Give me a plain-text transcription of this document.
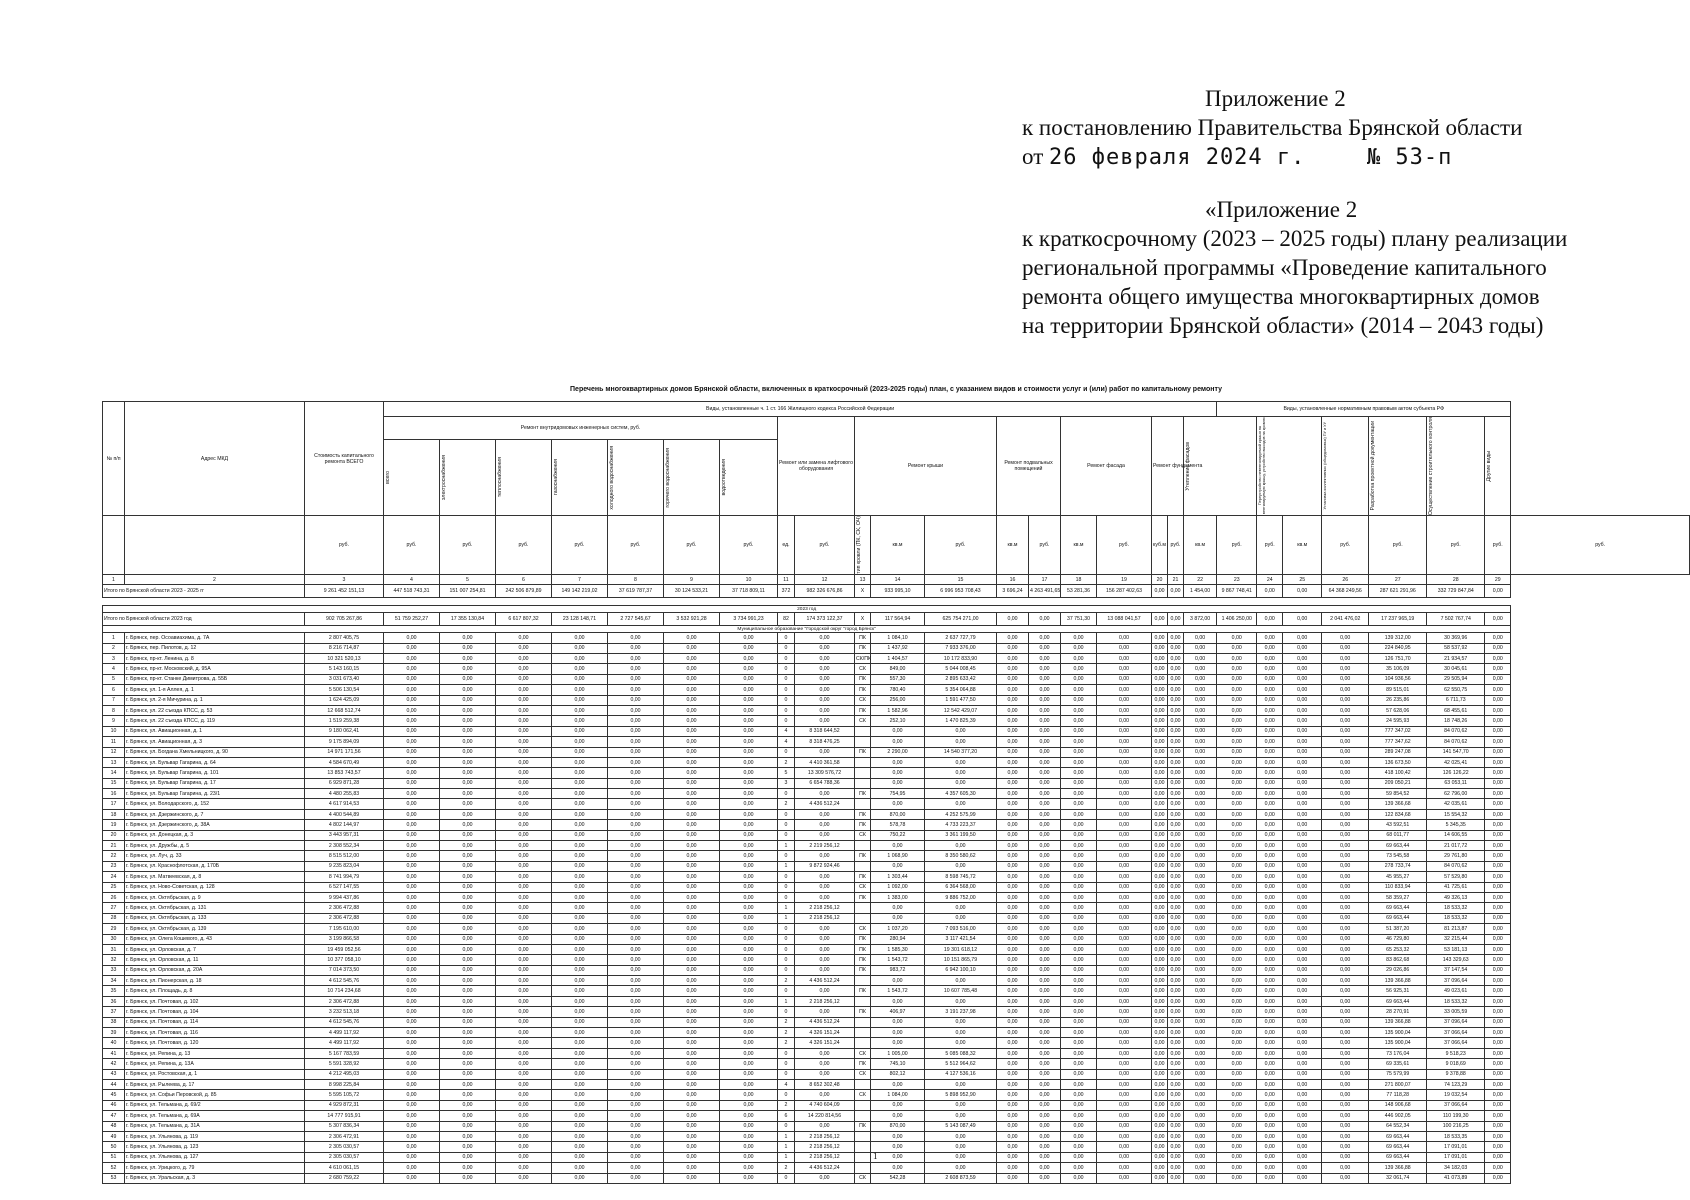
Приложение 2
к постановлению Правительства Брянской области
от 26 февраля 2024 г.	№ 53-п
«Приложение 2
к краткосрочному (2023 – 2025 годы) плану реализации
региональной программы «Проведение капитального
ремонта общего имущества многоквартирных домов
на территории Брянской области» (2014 – 2043 годы)
Перечень многоквартирных домов Брянской области, включенных в краткосрочный (2023-2025 годы) план, с указанием видов и стоимости услуг и (или) работ по капитальному ремонту
№ п/п	Адрес МКД	Стоимость капитального ремонта ВСЕГО	Виды, установленные ч. 1 ст. 166 Жилищного кодекса Российской Федерации																			Виды, установленные нормативным правовым актом субъекта РФ							
			Ремонт внутридомовых инженерных систем, руб.							Ремонт или замена лифтового оборудования		Ремонт крыши			Ремонт подвальных помещений		Ремонт фасада		Ремонт фундамента		Утепление фасадов		Переустройство невентилируемой крыши на вентилируемую крышу, устройство выходов на кровлю		Установка коллективных (общедомовых) ПУ и УУ	Разработка проектной документации	Осуществление строительного контроля	Другие виды	

			всего	электроснабжения	теплоснабжения	газоснабжения	холодного водоснабжения	горячего водоснабжения	водоотведения																				

		руб.	руб.	руб.	руб.	руб.	руб.	руб.	руб.	ед.	руб.	тип кровли (ПК, СК, ОЧ)	кв.м	руб.	кв.м	руб.	кв.м	руб.	куб.м	руб.	кв.м	руб.	руб.	кв.м	руб.	руб.	руб.	руб.	руб.
1	2	3	4	5	6	7	8	9	10	11	12	13	14	15	16	17	18	19	20	21	22	23	24	25	26	27	28	29	
Итого по Брянской области 2023 - 2025 гг		9 261 452 151,13	447 518 743,31	151 007 254,81	242 506 879,89	149 142 219,02	37 619 787,37	30 124 533,21	37 718 809,11	372	982 326 676,86	X	933 995,10	6 996 953 708,43	3 696,24	4 263 491,65	53 281,36	156 287 402,63	0,00	0,00	1 454,00	9 867 748,41	0,00	0,00	64 368 249,56	287 621 291,96	332 729 847,84	0,00	

2023 год																													
Итого по Брянской области 2023 год		902 705 267,86	51 759 252,27	17 355 130,84	6 617 807,32	23 128 148,71	2 727 545,67	3 532 921,28	3 734 991,23	82	174 373 122,37	X	117 564,94	625 754 271,00	0,00	0,00	37 751,30	13 088 041,57	0,00	0,00	3 872,00	1 406 250,00	0,00	0,00	2 041 476,02	17 237 965,19	7 502 767,74	0,00	
Муниципальное образование "Городской округ "город Брянск"																													
1	г. Брянск, пер. Осоавиахима, д. 7А	2 807 405,75	0,00	0,00	0,00	0,00	0,00	0,00	0,00	0	0,00	ПК	1 084,10	2 637 727,79	0,00	0,00	0,00	0,00	0,00	0,00	0,00	0,00	0,00	0,00	0,00	139 312,00	30 369,96	0,00	
2	г. Брянск, пер. Пилотов, д. 12	8 216 714,87	0,00	0,00	0,00	0,00	0,00	0,00	0,00	0	0,00	ПК	1 437,92	7 933 376,00	0,00	0,00	0,00	0,00	0,00	0,00	0,00	0,00	0,00	0,00	0,00	224 840,95	58 537,92	0,00	
3	г. Брянск, пр-кт. Ленина, д. 8	10 321 520,13	0,00	0,00	0,00	0,00	0,00	0,00	0,00	0	0,00	СК/ПК	1 404,57	10 172 833,90	0,00	0,00	0,00	0,00	0,00	0,00	0,00	0,00	0,00	0,00	0,00	126 751,70	21 934,57	0,00	
4	г. Брянск, пр-кт. Московский, д. 95А	5 143 160,15	0,00	0,00	0,00	0,00	0,00	0,00	0,00	0	0,00	СК	849,00	5 044 008,45	0,00	0,00	0,00	0,00	0,00	0,00	0,00	0,00	0,00	0,00	0,00	35 106,09	30 045,61	0,00	
5	г. Брянск, пр-кт. Станке Димитрова, д. 55Б	3 031 673,40	0,00	0,00	0,00	0,00	0,00	0,00	0,00	0	0,00	ПК	557,30	2 895 633,42	0,00	0,00	0,00	0,00	0,00	0,00	0,00	0,00	0,00	0,00	0,00	104 936,56	29 505,94	0,00	
6	г. Брянск, ул. 1-я Аллея, д. 1	5 506 130,54	0,00	0,00	0,00	0,00	0,00	0,00	0,00	0	0,00	ПК	780,40	5 354 064,88	0,00	0,00	0,00	0,00	0,00	0,00	0,00	0,00	0,00	0,00	0,00	89 515,01	62 550,75	0,00	
7	г. Брянск, ул. 2-я Мичурина, д. 1	1 624 425,09	0,00	0,00	0,00	0,00	0,00	0,00	0,00	0	0,00	СК	256,00	1 591 477,50	0,00	0,00	0,00	0,00	0,00	0,00	0,00	0,00	0,00	0,00	0,00	26 235,86	6 711,73	0,00	
8	г. Брянск, ул. 22 съезда КПСС, д. 53	12 668 512,74	0,00	0,00	0,00	0,00	0,00	0,00	0,00	0	0,00	ПК	1 582,96	12 542 429,07	0,00	0,00	0,00	0,00	0,00	0,00	0,00	0,00	0,00	0,00	0,00	57 628,06	68 455,61	0,00	
9	г. Брянск, ул. 22 съезда КПСС, д. 119	1 519 259,38	0,00	0,00	0,00	0,00	0,00	0,00	0,00	0	0,00	СК	252,10	1 470 825,39	0,00	0,00	0,00	0,00	0,00	0,00	0,00	0,00	0,00	0,00	0,00	24 595,93	18 748,26	0,00	
10	г. Брянск, ул. Авиационная, д. 1	9 180 062,41	0,00	0,00	0,00	0,00	0,00	0,00	0,00	4	8 318 644,52		0,00	0,00	0,00	0,00	0,00	0,00	0,00	0,00	0,00	0,00	0,00	0,00	0,00	777 347,02	84 070,62	0,00	
11	г. Брянск, ул. Авиационная, д. 3	9 175 894,09	0,00	0,00	0,00	0,00	0,00	0,00	0,00	4	8 318 476,25		0,00	0,00	0,00	0,00	0,00	0,00	0,00	0,00	0,00	0,00	0,00	0,00	0,00	777 347,62	84 070,62	0,00	
12	г. Брянск, ул. Богдана Хмельницкого, д. 90	14 971 171,56	0,00	0,00	0,00	0,00	0,00	0,00	0,00	0	0,00	ПК	2 290,00	14 540 377,20	0,00	0,00	0,00	0,00	0,00	0,00	0,00	0,00	0,00	0,00	0,00	289 247,08	141 547,70	0,00	
13	г. Брянск, ул. Бульвар Гагарина, д. 64	4 584 670,49	0,00	0,00	0,00	0,00	0,00	0,00	0,00	2	4 410 361,58		0,00	0,00	0,00	0,00	0,00	0,00	0,00	0,00	0,00	0,00	0,00	0,00	0,00	136 673,50	42 025,41	0,00	
14	г. Брянск, ул. Бульвар Гагарина, д. 101	13 853 743,57	0,00	0,00	0,00	0,00	0,00	0,00	0,00	5	13 309 576,72		0,00	0,00	0,00	0,00	0,00	0,00	0,00	0,00	0,00	0,00	0,00	0,00	0,00	418 100,42	126 126,22	0,00	
15	г. Брянск, ул. Бульвар Гагарина, д. 17	6 929 871,28	0,00	0,00	0,00	0,00	0,00	0,00	0,00	3	6 654 788,36		0,00	0,00	0,00	0,00	0,00	0,00	0,00	0,00	0,00	0,00	0,00	0,00	0,00	209 050,21	63 053,11	0,00	
16	г. Брянск, ул. Бульвар Гагарина, д. 23/1	4 480 255,83	0,00	0,00	0,00	0,00	0,00	0,00	0,00	0	0,00	ПК	754,95	4 357 605,30	0,00	0,00	0,00	0,00	0,00	0,00	0,00	0,00	0,00	0,00	0,00	59 854,52	62 796,00	0,00	
17	г. Брянск, ул. Володарского, д. 152	4 617 914,53	0,00	0,00	0,00	0,00	0,00	0,00	0,00	2	4 436 512,24		0,00	0,00	0,00	0,00	0,00	0,00	0,00	0,00	0,00	0,00	0,00	0,00	0,00	139 366,68	42 035,61	0,00	
18	г. Брянск, ул. Дзержинского, д. 7	4 400 544,89	0,00	0,00	0,00	0,00	0,00	0,00	0,00	0	0,00	ПК	870,00	4 252 575,99	0,00	0,00	0,00	0,00	0,00	0,00	0,00	0,00	0,00	0,00	0,00	122 834,68	15 554,32	0,00	
19	г. Брянск, ул. Дзержинского, д. 38А	4 802 144,97	0,00	0,00	0,00	0,00	0,00	0,00	0,00	0	0,00	ПК	578,78	4 733 223,37	0,00	0,00	0,00	0,00	0,00	0,00	0,00	0,00	0,00	0,00	0,00	43 592,51	5 345,35	0,00	
20	г. Брянск, ул. Донецкая, д. 3	3 443 957,31	0,00	0,00	0,00	0,00	0,00	0,00	0,00	0	0,00	СК	750,22	3 361 199,50	0,00	0,00	0,00	0,00	0,00	0,00	0,00	0,00	0,00	0,00	0,00	68 011,77	14 606,55	0,00	
21	г. Брянск, ул. Дружбы, д. 5	2 308 552,34	0,00	0,00	0,00	0,00	0,00	0,00	0,00	1	2 219 256,12		0,00	0,00	0,00	0,00	0,00	0,00	0,00	0,00	0,00	0,00	0,00	0,00	0,00	69 663,44	21 017,72	0,00	
22	г. Брянск, ул. Луч, д. 33	8 515 512,00	0,00	0,00	0,00	0,00	0,00	0,00	0,00	0	0,00	ПК	1 068,90	8 350 580,62	0,00	0,00	0,00	0,00	0,00	0,00	0,00	0,00	0,00	0,00	0,00	73 545,58	29 761,80	0,00	
23	г. Брянск, ул. Краснофлотская, д. 170Б	9 235 823,04	0,00	0,00	0,00	0,00	0,00	0,00	0,00	1	9 872 924,46		0,00	0,00	0,00	0,00	0,00	0,00	0,00	0,00	0,00	0,00	0,00	0,00	0,00	278 733,74	84 070,62	0,00	
24	г. Брянск, ул. Матвеевская, д. 8	8 741 994,79	0,00	0,00	0,00	0,00	0,00	0,00	0,00	0	0,00	ПК	1 303,44	8 598 745,72	0,00	0,00	0,00	0,00	0,00	0,00	0,00	0,00	0,00	0,00	0,00	45 955,27	57 529,80	0,00	
25	г. Брянск, ул. Ново-Советская, д. 128	6 527 147,55	0,00	0,00	0,00	0,00	0,00	0,00	0,00	0	0,00	СК	1 092,00	6 364 568,00	0,00	0,00	0,00	0,00	0,00	0,00	0,00	0,00	0,00	0,00	0,00	110 833,94	41 725,61	0,00	
26	г. Брянск, ул. Октябрьская, д. 9	9 994 437,86	0,00	0,00	0,00	0,00	0,00	0,00	0,00	0	0,00	ПК	1 383,00	9 886 752,00	0,00	0,00	0,00	0,00	0,00	0,00	0,00	0,00	0,00	0,00	0,00	58 359,27	49 326,13	0,00	
27	г. Брянск, ул. Октябрьская, д. 131	2 306 472,88	0,00	0,00	0,00	0,00	0,00	0,00	0,00	1	2 218 256,12		0,00	0,00	0,00	0,00	0,00	0,00	0,00	0,00	0,00	0,00	0,00	0,00	0,00	69 663,44	18 533,32	0,00	
28	г. Брянск, ул. Октябрьская, д. 133	2 306 472,88	0,00	0,00	0,00	0,00	0,00	0,00	0,00	1	2 218 256,12		0,00	0,00	0,00	0,00	0,00	0,00	0,00	0,00	0,00	0,00	0,00	0,00	0,00	69 663,44	18 533,32	0,00	
29	г. Брянск, ул. Октябрьская, д. 139	7 195 610,00	0,00	0,00	0,00	0,00	0,00	0,00	0,00	0	0,00	СК	1 037,20	7 093 516,00	0,00	0,00	0,00	0,00	0,00	0,00	0,00	0,00	0,00	0,00	0,00	51 387,20	81 213,87	0,00	
30	г. Брянск, ул. Олега Кошевого, д. 43	3 199 866,58	0,00	0,00	0,00	0,00	0,00	0,00	0,00	0	0,00	ПК	280,94	3 117 421,54	0,00	0,00	0,00	0,00	0,00	0,00	0,00	0,00	0,00	0,00	0,00	46 729,80	32 215,44	0,00	
31	г. Брянск, ул. Орловская, д. 7	19 459 052,56	0,00	0,00	0,00	0,00	0,00	0,00	0,00	0	0,00	ПК	1 585,30	19 301 618,12	0,00	0,00	0,00	0,00	0,00	0,00	0,00	0,00	0,00	0,00	0,00	65 253,32	53 181,13	0,00	
32	г. Брянск, ул. Орловская, д. 11	10 377 058,10	0,00	0,00	0,00	0,00	0,00	0,00	0,00	0	0,00	ПК	1 543,72	10 151 865,79	0,00	0,00	0,00	0,00	0,00	0,00	0,00	0,00	0,00	0,00	0,00	83 862,68	143 329,63	0,00	
33	г. Брянск, ул. Орловская, д. 20А	7 014 373,50	0,00	0,00	0,00	0,00	0,00	0,00	0,00	0	0,00	ПК	983,72	6 942 100,10	0,00	0,00	0,00	0,00	0,00	0,00	0,00	0,00	0,00	0,00	0,00	29 026,86	37 147,54	0,00	
34	г. Брянск, ул. Пионерская, д. 18	4 612 545,76	0,00	0,00	0,00	0,00	0,00	0,00	0,00	2	4 436 512,24		0,00	0,00	0,00	0,00	0,00	0,00	0,00	0,00	0,00	0,00	0,00	0,00	0,00	139 366,88	37 096,64	0,00	
35	г. Брянск, ул. Площадь, д. 8	10 714 234,68	0,00	0,00	0,00	0,00	0,00	0,00	0,00	0	0,00	ПК	1 543,72	10 607 785,48	0,00	0,00	0,00	0,00	0,00	0,00	0,00	0,00	0,00	0,00	0,00	56 925,31	49 023,61	0,00	
36	г. Брянск, ул. Почтовая, д. 102	2 306 472,88	0,00	0,00	0,00	0,00	0,00	0,00	0,00	1	2 218 256,12		0,00	0,00	0,00	0,00	0,00	0,00	0,00	0,00	0,00	0,00	0,00	0,00	0,00	69 663,44	18 533,32	0,00	
37	г. Брянск, ул. Почтовая, д. 104	3 232 513,18	0,00	0,00	0,00	0,00	0,00	0,00	0,00	0	0,00	ПК	406,97	3 191 237,98	0,00	0,00	0,00	0,00	0,00	0,00	0,00	0,00	0,00	0,00	0,00	28 270,91	33 005,59	0,00	
38	г. Брянск, ул. Почтовая, д. 114	4 612 545,76	0,00	0,00	0,00	0,00	0,00	0,00	0,00	2	4 436 512,24		0,00	0,00	0,00	0,00	0,00	0,00	0,00	0,00	0,00	0,00	0,00	0,00	0,00	139 366,88	37 096,64	0,00	
39	г. Брянск, ул. Почтовая, д. 116	4 499 117,92	0,00	0,00	0,00	0,00	0,00	0,00	0,00	2	4 326 151,24		0,00	0,00	0,00	0,00	0,00	0,00	0,00	0,00	0,00	0,00	0,00	0,00	0,00	135 900,04	37 066,64	0,00	
40	г. Брянск, ул. Почтовая, д. 120	4 499 117,92	0,00	0,00	0,00	0,00	0,00	0,00	0,00	2	4 326 151,24		0,00	0,00	0,00	0,00	0,00	0,00	0,00	0,00	0,00	0,00	0,00	0,00	0,00	135 900,04	37 066,64	0,00	
41	г. Брянск, ул. Репина, д. 13	5 167 783,59	0,00	0,00	0,00	0,00	0,00	0,00	0,00	0	0,00	СК	1 005,00	5 085 088,32	0,00	0,00	0,00	0,00	0,00	0,00	0,00	0,00	0,00	0,00	0,00	73 176,04	9 518,23	0,00	
42	г. Брянск, ул. Репина, д. 13А	5 591 328,92	0,00	0,00	0,00	0,00	0,00	0,00	0,00	0	0,00	ПК	745,10	5 512 964,62	0,00	0,00	0,00	0,00	0,00	0,00	0,00	0,00	0,00	0,00	0,00	69 335,61	9 018,69	0,00	
43	г. Брянск, ул. Ростовская, д. 1	4 212 495,03	0,00	0,00	0,00	0,00	0,00	0,00	0,00	0	0,00	СК	802,12	4 127 536,16	0,00	0,00	0,00	0,00	0,00	0,00	0,00	0,00	0,00	0,00	0,00	75 579,99	9 378,88	0,00	
44	г. Брянск, ул. Рылеева, д. 17	8 998 225,84	0,00	0,00	0,00	0,00	0,00	0,00	0,00	4	8 652 302,48		0,00	0,00	0,00	0,00	0,00	0,00	0,00	0,00	0,00	0,00	0,00	0,00	0,00	271 800,07	74 123,29	0,00	
45	г. Брянск, ул. Софьи Перовской, д. 85	5 595 105,72	0,00	0,00	0,00	0,00	0,00	0,00	0,00	0	0,00	СК	1 084,00	5 898 952,90	0,00	0,00	0,00	0,00	0,00	0,00	0,00	0,00	0,00	0,00	0,00	77 118,28	19 032,54	0,00	
46	г. Брянск, ул. Тельмана, д. 69/2	4 929 872,31	0,00	0,00	0,00	0,00	0,00	0,00	0,00	2	4 740 604,09		0,00	0,00	0,00	0,00	0,00	0,00	0,00	0,00	0,00	0,00	0,00	0,00	0,00	148 906,68	37 066,64	0,00	
47	г. Брянск, ул. Тельмана, д. 69А	14 777 915,91	0,00	0,00	0,00	0,00	0,00	0,00	0,00	6	14 220 814,56		0,00	0,00	0,00	0,00	0,00	0,00	0,00	0,00	0,00	0,00	0,00	0,00	0,00	446 902,05	110 199,30	0,00	
48	г. Брянск, ул. Тельмана, д. 31А	5 307 836,34	0,00	0,00	0,00	0,00	0,00	0,00	0,00	0	0,00	ПК	870,00	5 143 087,49	0,00	0,00	0,00	0,00	0,00	0,00	0,00	0,00	0,00	0,00	0,00	64 552,34	100 216,25	0,00	
49	г. Брянск, ул. Ульянова, д. 119	2 306 472,91	0,00	0,00	0,00	0,00	0,00	0,00	0,00	1	2 218 256,12		0,00	0,00	0,00	0,00	0,00	0,00	0,00	0,00	0,00	0,00	0,00	0,00	0,00	69 663,44	18 533,35	0,00	
50	г. Брянск, ул. Ульянова, д. 123	2 305 030,57	0,00	0,00	0,00	0,00	0,00	0,00	0,00	1	2 218 256,12		0,00	0,00	0,00	0,00	0,00	0,00	0,00	0,00	0,00	0,00	0,00	0,00	0,00	69 663,44	17 091,01	0,00	
51	г. Брянск, ул. Ульянова, д. 127	2 305 030,57	0,00	0,00	0,00	0,00	0,00	0,00	0,00	1	2 218 256,12		0,00	0,00	0,00	0,00	0,00	0,00	0,00	0,00	0,00	0,00	0,00	0,00	0,00	69 663,44	17 091,01	0,00	
52	г. Брянск, ул. Урицкого, д. 79	4 610 061,15	0,00	0,00	0,00	0,00	0,00	0,00	0,00	2	4 436 512,24		0,00	0,00	0,00	0,00	0,00	0,00	0,00	0,00	0,00	0,00	0,00	0,00	0,00	139 366,88	34 182,03	0,00	
53	г. Брянск, ул. Уральская, д. 3	2 680 759,22	0,00	0,00	0,00	0,00	0,00	0,00	0,00	0	0,00	СК	542,28	2 608 873,59	0,00	0,00	0,00	0,00	0,00	0,00	0,00	0,00	0,00	0,00	0,00	32 061,74	41 073,89	0,00	
1
